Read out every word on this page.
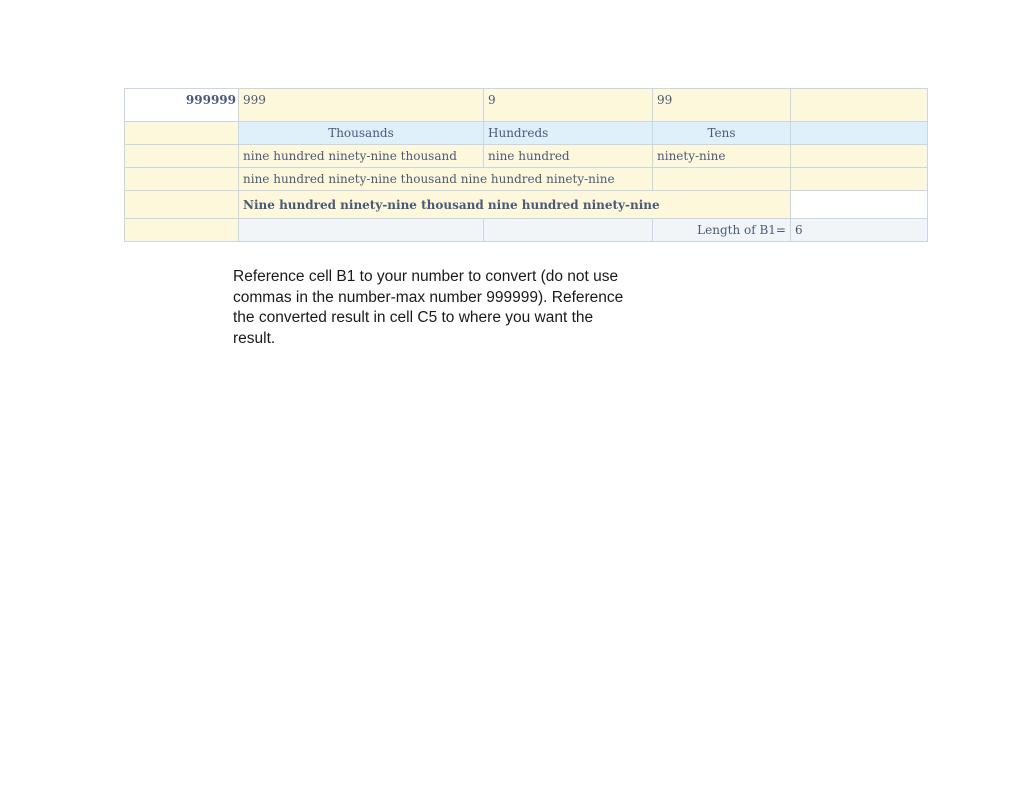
999999	999	9	99	
	Thousands	Hundreds	Tens	
	nine hundred ninety-nine thousand	nine hundred	ninety-nine	
	nine hundred ninety-nine thousand nine hundred ninety-nine			
	Nine hundred ninety-nine thousand nine hundred ninety-nine			
			Length of B1=	6
Reference cell B1 to your number to convert (do not use commas in the number-max number 999999). Reference the converted result in cell C5 to where you want the result.
